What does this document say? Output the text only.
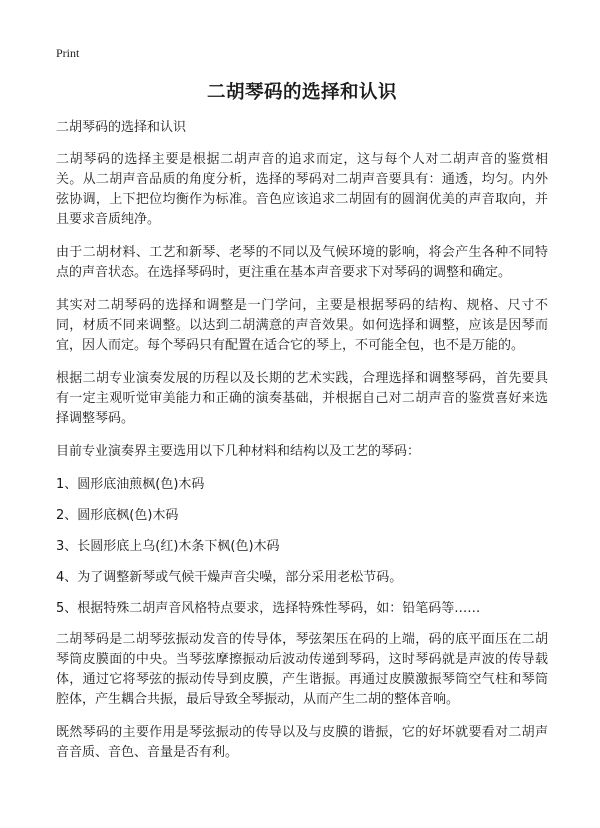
Print
二胡琴码的选择和认识

二胡琴码的选择和认识

二胡琴码的选择主要是根据二胡声音的追求而定，这与每个人对二胡声音的鉴赏相关。从二胡声音品质的角度分析，选择的琴码对二胡声音要具有：通透，均匀。内外弦协调，上下把位均衡作为标准。音色应该追求二胡固有的圆润优美的声音取向，并且要求音质纯净。

由于二胡材料、工艺和新琴、老琴的不同以及气候环境的影响，将会产生各种不同特点的声音状态。在选择琴码时，更注重在基本声音要求下对琴码的调整和确定。

其实对二胡琴码的选择和调整是一门学问，主要是根据琴码的结构、规格、尺寸不同，材质不同来调整。以达到二胡满意的声音效果。如何选择和调整，应该是因琴而宜，因人而定。每个琴码只有配置在适合它的琴上，不可能全包，也不是万能的。

根据二胡专业演奏发展的历程以及长期的艺术实践，合理选择和调整琴码，首先要具有一定主观听觉审美能力和正确的演奏基础，并根据自己对二胡声音的鉴赏喜好来选择调整琴码。

目前专业演奏界主要选用以下几种材料和结构以及工艺的琴码：

1、圆形底油煎枫(色)木码

2、圆形底枫(色)木码

3、长圆形底上乌(红)木条下枫(色)木码

4、为了调整新琴或气候干燥声音尖噪，部分采用老松节码。

5、根据特殊二胡声音风格特点要求，选择特殊性琴码，如：铅笔码等……

二胡琴码是二胡琴弦振动发音的传导体，琴弦架压在码的上端，码的底平面压在二胡琴筒皮膜面的中央。当琴弦摩擦振动后波动传递到琴码，这时琴码就是声波的传导载体，通过它将琴弦的振动传导到皮膜，产生谐振。再通过皮膜激振琴筒空气柱和琴筒腔体，产生耦合共振，最后导致全琴振动，从而产生二胡的整体音响。

既然琴码的主要作用是琴弦振动的传导以及与皮膜的谐振，它的好坏就要看对二胡声音音质、音色、音量是否有利。
